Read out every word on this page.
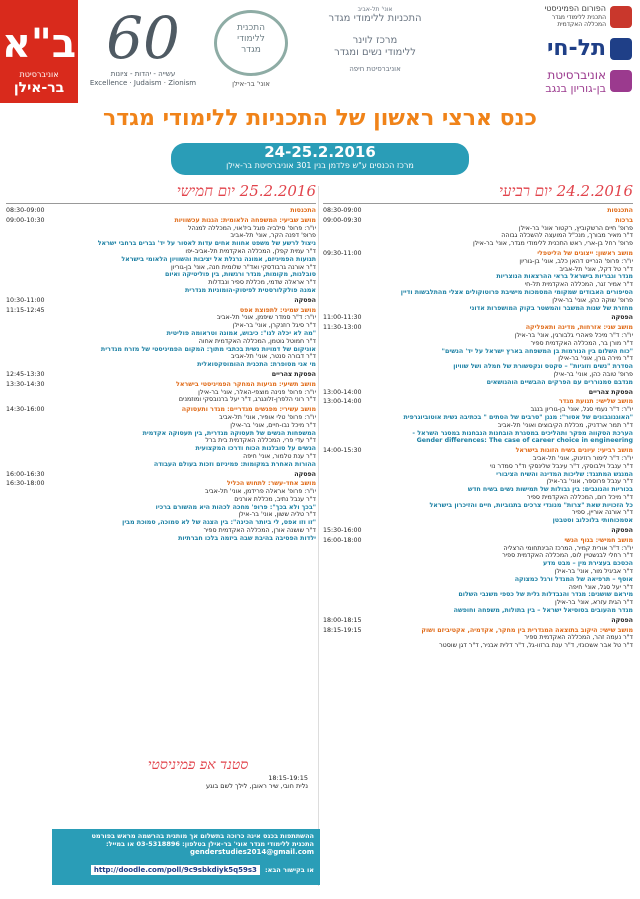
ב"א
אוניברסיטת
בר-אילן
60
עשייה - יהדות - ציונות
Excellence · Judaism · Zionism
התכנית
ללימודי
מגדר
אוני' בר-אילן
אוני' תל-אביב
התכניות ללימודי מגדר
מרכז לוינר
ללימודי נשים ומגדר
אוניברסיטת חיפה
הפורום הפמיניסטי
התכנית ללימודי מגדר
המכללה האקדמית
תל-חי
אוניברסיטת
בן-גוריון בנגב
כנס ארצי ראשון של התכניות ללימודי מגדר
24-25.2.2016
מרכז הכנסים ע"ש פלדמן בנין 301 אוניברסיטת בר-אילן
24.2.2016 יום רביעי
08:30-09:00	התכנסות
09:00-09:30	ברכות
פרופ' חיים הרשקוביץ, רקטור אוני' בר-אילן
ד"ר מאיר מבורך, מנכ"ל המועצה להשכלה גבוהה
פרופ' רחל בן-ארי, ראש התכנית ללימודי מגדר, אוני' בר-אילן
09:30-11:00	מושב ראשון: ייצוגים של הליטפלי
יו"ר: פרופ' הנרייט דהאן כלב, אוני' בן-גוריון
ד"ר טל דקל, אוני' תל-אביב
מגדר וגבריות בישראל בראי ההרצאות הנוצריות
ד"ר אמיר זגר, המכללה האקדמית תל-חי
הסיפורים האבודים שמקומי המסמכות מישיבת פרוטוקולים אצלי מהתלבשות ודיין
פרופ' שוקה כהן, אוני' בר-אילן
מחזרת של שנות המשבר והמשטר בקוק המושפרות אדוני
11:00-11:30	הפסקה
11:30-13:00	מושב שני: אזרחות, מדינה ותאפליקה
יו"ר: ד"ר מיכל פאהרי גלבורגין, אוני' בר-אילן
ד"ר מורן בר, המכללה האקדמית ספיר
"כוח השלום בין הנורמות בן המשפחה בארץ ישראל על יד' הנשים"
ד"ר מירה גורן, אוני' בר-אילן
הסדרת "נשים וזוגיות" – סקטס ונקסשורת של חמלה ושל שוויון
פרופ' טובה כהן, אוני' בר-אילן
מגדבם סמנוררים עם הפרקים ההבשיים הוהנושאים
13:00-14:00	הפסקת צהריים
13:00-14:00	מושב שלישי: תנועת מגדר
יו"ר: ד"ר נעמי סגל, אוני' בן-גוריון בנגב
"האוגנוגבונים של אסור": מנגן "סרבים של הסתים " בכתיבה נשית אוטוביוגרפית
ד"ר תמר ארדניק, מכללת הקיבוצים ואוני' תל-אביב
הערכת הסקווה מפקר ותהליכים במסגרת הובחנות הנבחנות במסגר השראל -
Gender differences: The case of career choice in engineering
14:00-15:30	מושב רביעי: עיונים בשיח הזוגות בישראל
יו"ר: ד"ר לימור רוזינוק, אוני' תל-אביב
ד"ר ענבל וילבוסקי, ד"ר עינבל שלינסקי וד"ר סמדר נוי
המנגש המתנגד: שליכות המדינה והשיח הציבורי
ד"ר ענבל פרוספר, אוני' בר-אילן
בכוריות והנוגבים: בין גבולות של תמישות נשים בשיח חדש
ד"ר מיכל רום, המכללה האקדמית ספיר
כל הזכויות שאת "צרות" מנוגדי צרכים בתגוביות, חיים והזיכרון בישראל
ד"ר אורנה אוריין, ספיר
אסמכוחותי בלוכלוב וסטבטן
15:30-16:00	הפסקה
16:00-18:00	מושב חמישי: בגוף הנשי
יו"ר: ד"ר אורית קמיר, המרכז הבינתחומי הרצליה
ד"ר רחלי לבנשטיין לוס, המכללה האקדמית ספיר
הכסכם בעצירת מין – מבט מדע
ד"ר אביגיל מור, אוני' בר-אילן
אוסף – תרפיאה של המגדל ורגל כמצוקה
ד"ר יעל סגל, אוני' חיפה
מיראם שושנים: מגדר והנבדלות גלית של כספי משנבי השלום
ד"ר הגית עזרא, אוני' בר-אילן
מגדר מהעובים בסוסיאל ישראל – בין בתולות, משפחה וחופשה
18:00-18:15	הפסקה
18:15-19:15	מושב שישי: היקוב בתוצאה המגדרית בין מחקר, אקדמיה, אקטיביזם ושוק
ד"ר נעמה זהר, המכללה האקדמית ספיר
ד"ר טל אבר אשכונזי, ד"ר ענת ברזוו-גל, ד"ר דלית אבניר, ד"ר דגן שוסטר
25.2.2016 יום חמישי
08:30-09:00	התכנסות
09:00-10:30	מושב שביעי: המשפחה הלאומית: הגנות עכשוויות
יו"ר: פרופ' סילביה פוגל ביז'אוי, המכללה למנהל
פרופ' דפנה הקר, אוני' תל-אביב
ניצול לרשע של משפט אחוות אחים עדות לאסור על יד' גברים ברחבי ישראל
ד"ר עמית קפלן, המכללה האקדמית תל-אביב-יפו
תנועות הפמיניזם, אמונה נרגלת אל יציבות והשוויון הלאומי בישראל
ד"ר אורנה גרבודסקי ואד"ר שלומית חנה, אוני' בן-גוריון
סובלנות, מקומות, מגדר ורגשות, בין פוליטיקה ואיום
ד"ר אראלה שדמי, מכללת ספיר ונבדלות
אמנה פולקלורסטית לפיסוק-הומוניות מגדרית
10:30-11:00	הפסקה
11:15-12:45	מושב שמיני: לתפוצת אפס
יו"ר: ד"ר סמדר שיפמן, אוני' תל-אביב
ד"ר סיגל רוזנקרן, אוני' בר-אילן
"מה לא יכלה לנו": כיבוש, אמונה וטראומה פוליטית
ד"ר חמוטל גוטמן, המכללה האקדמית אחוה
אוניקום של דמויות נשית בכתבי מתוך: המקום הפמיניסטי של מזרח מגדרית
ד"ר דבורה סנטר, אוני' תל-אביב
מי אני מסופרת: התכנית ההומוסקסואלית
12:45-13:30	הפסקת צהריים
13:30-14:30	מושב תשיעי: מגיעות המחקר הפמיניסטי בישראל
יו"ר: פרופ' פנינה מוצפי-האלר, אוני' בר-אילן
ד"ר רוני הלפרן-זלונגרג, ד"ר יעל ברנובסקי ומוזמנים
14:30-16:00	מושב עשירי: מפגשים מגדריים: מגדר ותעסוקה
יו"ר: פרופ' טלי אופיר, אוני' תל-אביב
ד"ר מיכל נבו-חיים, אוני' בר-אילן
המשפחות הנשים של תעסוקה מגדרית, בין תעסוקה אקדמית
ד"ר עדי פרי, המכללה האקדמית בית ברל
הנשים על סובלנות הכוח ודרכו המקצועית
ד"ר ענת טלמור, אוני' חיפה
ההורות האחרת במקומות: פמיניזם וזכות בעולם העבודה
16:00-16:30	הפסקה
16:30-18:00	מושב אחד-עשר: לתחוש הכליל
יו"ר: פרופ' אראלה פרידמן, אוני' תל-אביב
ד"ר ענבל נתיב, מכללת אורנים
"בכך ולא בכך": פרופ' מחכה לכהות היא מהשורם ברכיו
ד"ר טליה ששון, אוני' בר-אילן
"זו וזו אפס, לי ביותר הכינה": בין הצגה של לא סמוכה, סמוכת מבין
ד"ר שושנה אורן, המכללה האקדמית ספיר
ילדות הפסיבה בהיבת שבה ביזמה בלכו חברתיות
סטנד אפ פמיניסטי
18:15-19:15
נלית חובי, שיר ראובן, לילך לשם בוגע
ההשתתפות בכנס אינה כרוכה בתשלום אך מותנית בהרשמה מראש בפורמט
התכנית ללימודי מגדר אוני' בר-אילן בטלפון: 03-5318896 או במייל:
genderstudies2014@gmail.com
או בקישור הבא: http://doodle.com/poll/9c9sbkdiyk5q59s3
